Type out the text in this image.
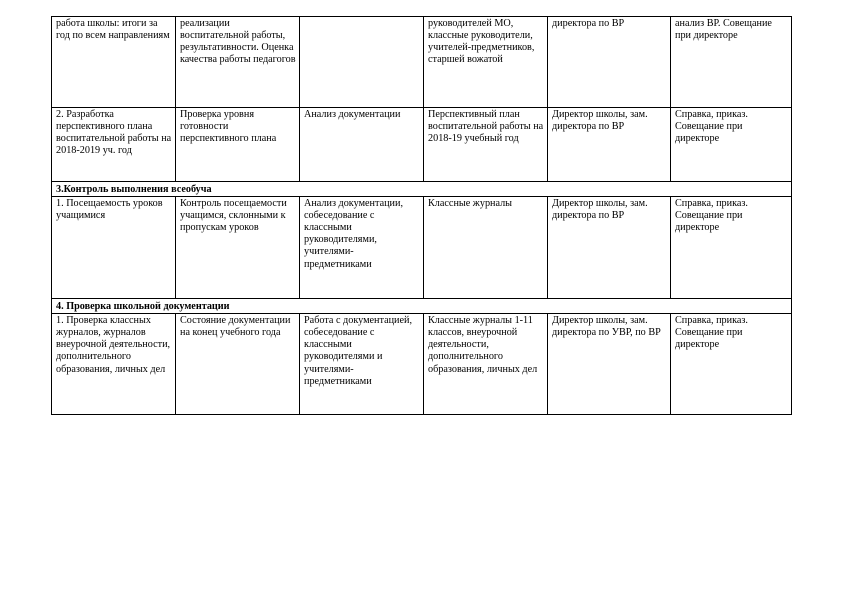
работа школы: итоги за год по всем направлениям	реализации воспитательной работы, результативности. Оценка качества работы педагогов		руководителей МО, классные руководители, учителей-предметников, старшей вожатой	директора по ВР	анализ ВР. Совещание при директоре
2. Разработка перспективного плана воспитательной работы на 2018-2019 уч. год	Проверка уровня готовности перспективного плана	Анализ документации	Перспективный план воспитательной работы на 2018-19 учебный год	Директор школы, зам. директора по ВР	Справка, приказ. Совещание при директоре
3.Контроль выполнения всеобуча					
1. Посещаемость уроков учащимися	Контроль посещаемости учащимся, склонными к пропускам уроков	Анализ документации, собеседование с классными руководителями, учителями-предметниками	Классные журналы	Директор школы, зам. директора по ВР	Справка, приказ. Совещание при директоре
4. Проверка школьной документации					
1. Проверка классных журналов, журналов внеурочной деятельности, дополнительного образования, личных дел	Состояние документации на конец учебного года	Работа с документацией, собеседование с классными руководителями и учителями-предметниками	Классные журналы 1-11 классов, внеурочной деятельности, дополнительного образования, личных дел	Директор школы, зам. директора по УВР, по ВР	Справка, приказ. Совещание при директоре
